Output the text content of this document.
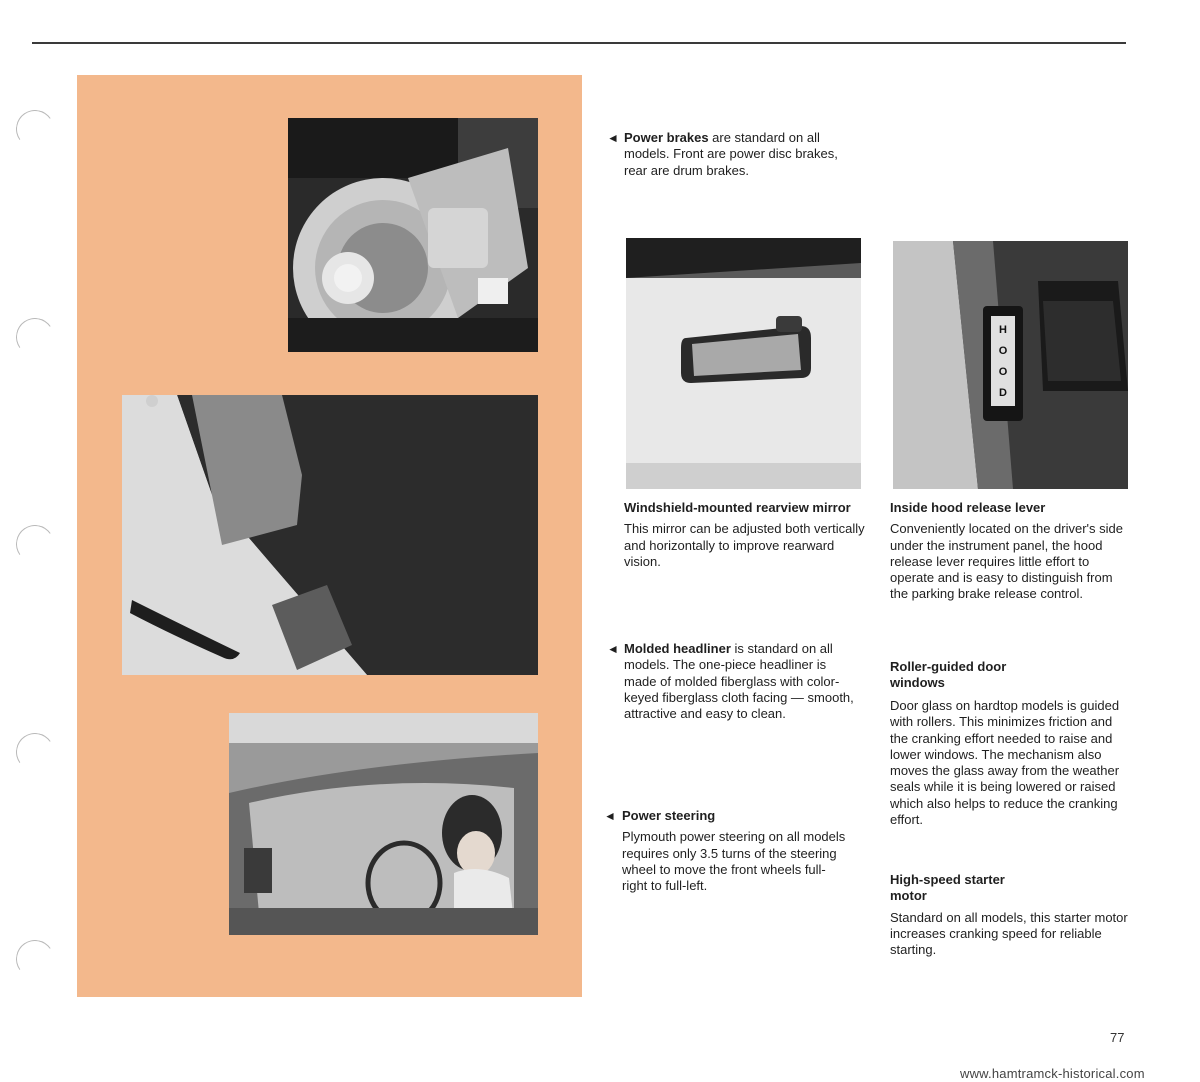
H
O
O
D
◄ Power brakes are standard on all models. Front are power disc brakes, rear are drum brakes.

Windshield-mounted rearview mirror
This mirror can be adjusted both vertically and horizontally to improve rearward vision.
Inside hood release lever
Conveniently located on the driver's side under the instrument panel, the hood release lever requires little effort to operate and is easy to distinguish from the parking brake release control.
◄ Molded headliner is standard on all models. The one-piece headliner is made of molded fiberglass with color-keyed fiberglass cloth facing — smooth, attractive and easy to clean.

Roller-guided door windows
Door glass on hardtop models is guided with rollers. This minimizes friction and the cranking effort needed to raise and lower windows. The mechanism also moves the glass away from the weather seals while it is being lowered or raised which also helps to reduce the cranking effort.
◄ Power steering
Plymouth power steering on all models requires only 3.5 turns of the steering wheel to move the front wheels full-right to full-left.	High-speed starter motor
Standard on all models, this starter motor increases cranking speed for reliable starting.
77
www.hamtramck-historical.com
